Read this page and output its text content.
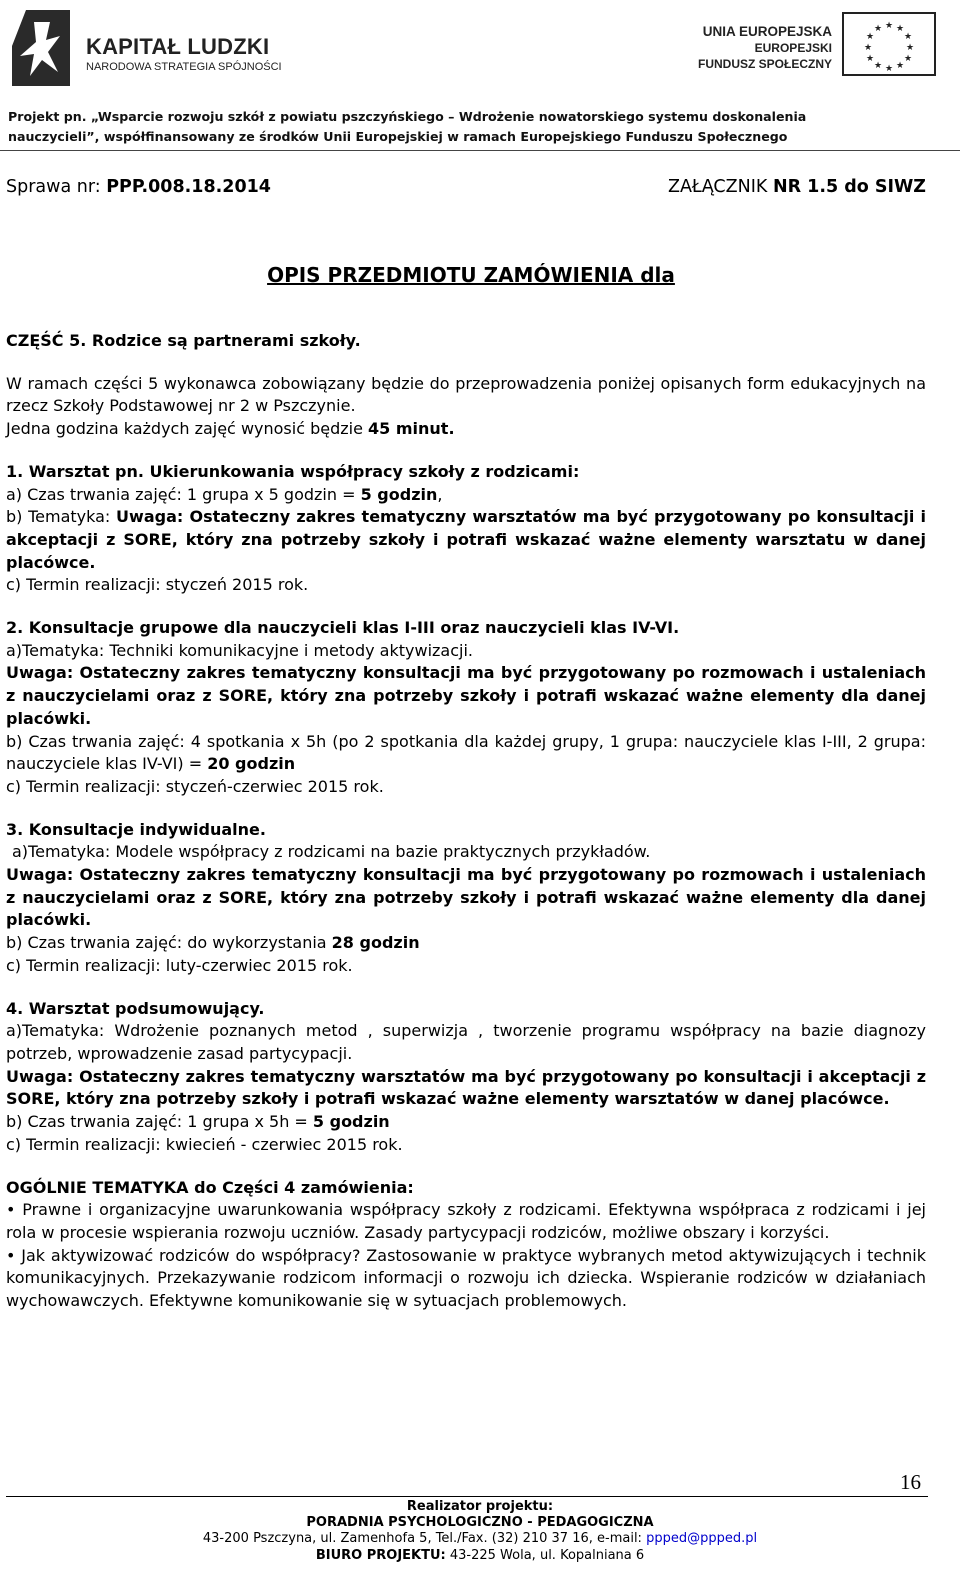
KAPITAŁ LUDZKI
NARODOWA STRATEGIA SPÓJNOŚCI
UNIA EUROPEJSKA
EUROPEJSKI
FUNDUSZ SPOŁECZNY
★ ★
★
★
★
★
★
★
★
★
★
★
Projekt pn. „Wsparcie rozwoju szkół z powiatu pszczyńskiego – Wdrożenie nowatorskiego systemu doskonalenia
nauczycieli”, współfinansowany ze środków Unii Europejskiej w ramach Europejskiego Funduszu Społecznego
Sprawa nr: PPP.008.18.2014	ZAŁĄCZNIK NR 1.5 do SIWZ
OPIS PRZEDMIOTU ZAMÓWIENIA dla

CZĘŚĆ 5. Rodzice są partnerami szkoły.

W ramach części 5 wykonawca zobowiązany będzie do przeprowadzenia poniżej opisanych form edukacyjnych na rzecz Szkoły Podstawowej nr 2 w Pszczynie.

Jedna godzina każdych zajęć wynosić będzie 45 minut.

1. Warsztat pn. Ukierunkowania współpracy szkoły z rodzicami:

a) Czas trwania zajęć: 1 grupa x 5 godzin = 5 godzin,

b) Tematyka: Uwaga: Ostateczny zakres tematyczny warsztatów ma być przygotowany po konsultacji i akceptacji z SORE, który zna potrzeby szkoły i potrafi wskazać ważne elementy warsztatu w danej placówce.

c) Termin realizacji: styczeń 2015 rok.

2. Konsultacje grupowe dla nauczycieli klas I-III oraz nauczycieli klas IV-VI.

a)Tematyka: Techniki komunikacyjne i metody aktywizacji.

Uwaga: Ostateczny zakres tematyczny konsultacji ma być przygotowany po rozmowach i ustaleniach z nauczycielami oraz z SORE, który zna potrzeby szkoły i potrafi wskazać ważne elementy dla danej placówki.

b) Czas trwania zajęć: 4 spotkania x 5h (po 2 spotkania dla każdej grupy, 1 grupa: nauczyciele klas I-III, 2 grupa: nauczyciele klas IV-VI) = 20 godzin

c) Termin realizacji: styczeń-czerwiec 2015 rok.

3. Konsultacje indywidualne.

a)Tematyka: Modele współpracy z rodzicami na bazie praktycznych przykładów.

Uwaga: Ostateczny zakres tematyczny konsultacji ma być przygotowany po rozmowach i ustaleniach z nauczycielami oraz z SORE, który zna potrzeby szkoły i potrafi wskazać ważne elementy dla danej placówki.

b) Czas trwania zajęć: do wykorzystania 28 godzin

c) Termin realizacji: luty-czerwiec 2015 rok.

4. Warsztat podsumowujący.

a)Tematyka: Wdrożenie poznanych metod , superwizja , tworzenie programu współpracy na bazie diagnozy potrzeb, wprowadzenie zasad partycypacji.

Uwaga: Ostateczny zakres tematyczny warsztatów ma być przygotowany po konsultacji i akceptacji z SORE, który zna potrzeby szkoły i potrafi wskazać ważne elementy warsztatów w danej placówce.

b) Czas trwania zajęć: 1 grupa x 5h = 5 godzin

c) Termin realizacji: kwiecień - czerwiec 2015 rok.

OGÓLNIE TEMATYKA do Części 4 zamówienia:

• Prawne i organizacyjne uwarunkowania współpracy szkoły z rodzicami. Efektywna współpraca z rodzicami i jej rola w procesie wspierania rozwoju uczniów. Zasady partycypacji rodziców, możliwe obszary i korzyści.

• Jak aktywizować rodziców do współpracy? Zastosowanie w praktyce wybranych metod aktywizujących i technik komunikacyjnych. Przekazywanie rodzicom informacji o rozwoju ich dziecka. Wspieranie rodziców w działaniach wychowawczych. Efektywne komunikowanie się w sytuacjach problemowych.

16
Realizator projektu:
PORADNIA PSYCHOLOGICZNO - PEDAGOGICZNA
43-200 Pszczyna, ul. Zamenhofa 5, Tel./Fax. (32) 210 37 16, e-mail: ppped@ppped.pl
BIURO PROJEKTU: 43-225 Wola, ul. Kopalniana 6
